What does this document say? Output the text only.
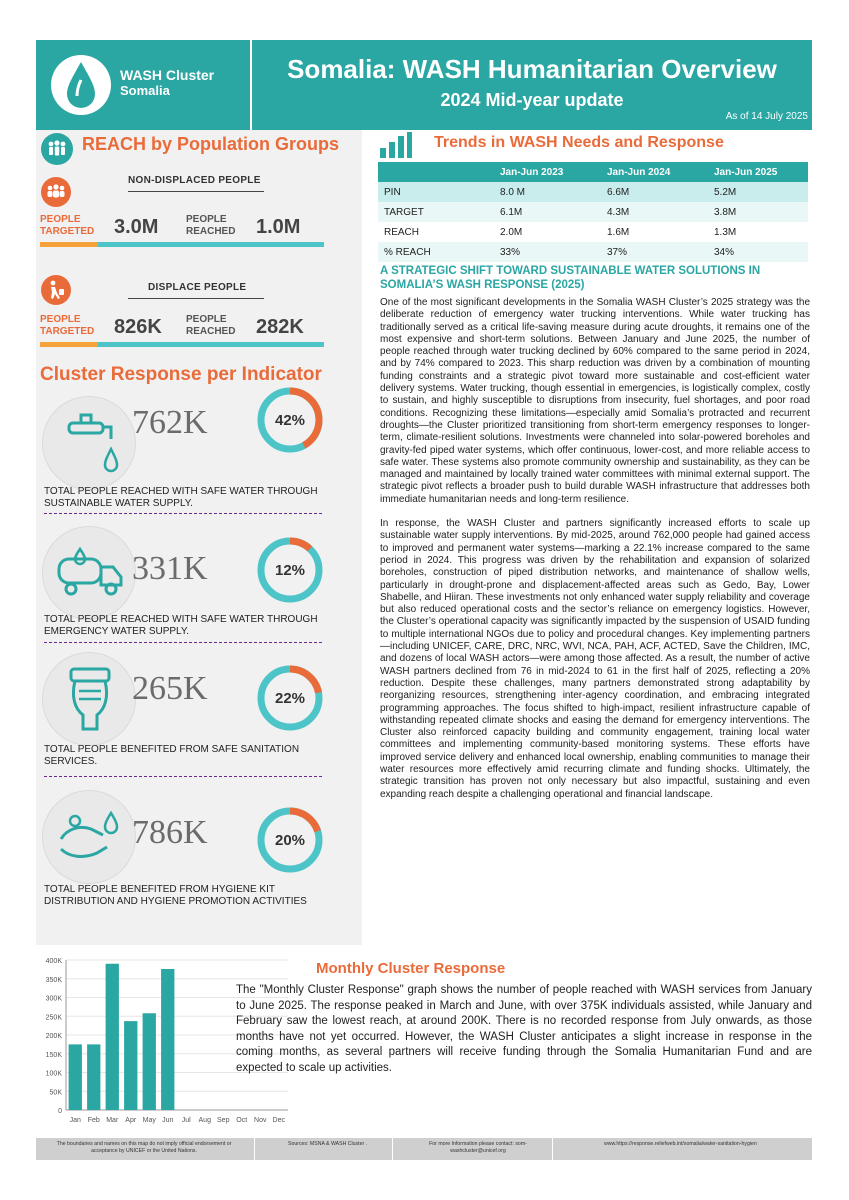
WASH Cluster
Somalia
Somalia: WASH Humanitarian Overview
2024 Mid-year update
As of 14 July 2025
REACH by Population Groups
NON-DISPLACED PEOPLE
PEOPLE TARGETED 3.0M	PEOPLE REACHED	1.0M
DISPLACE PEOPLE
PEOPLE TARGETED 826K PEOPLE REACHED	282K
Cluster Response per Indicator
762K	42%
TOTAL PEOPLE REACHED WITH SAFE WATER THROUGH SUSTAINABLE WATER SUPPLY.
331K	12%
TOTAL PEOPLE REACHED WITH SAFE WATER THROUGH EMERGENCY WATER SUPPLY.
265K	22%
TOTAL PEOPLE BENEFITED FROM SAFE SANITATION SERVICES.
786K	20%
TOTAL PEOPLE BENEFITED FROM HYGIENE KIT DISTRIBUTION AND HYGIENE PROMOTION ACTIVITIES
Trends in WASH Needs and Response
	Jan-Jun 2023	Jan-Jun 2024	Jan-Jun 2025
PIN	8.0 M	6.6M	5.2M
TARGET	6.1M	4.3M	3.8M
REACH	2.0M	1.6M	1.3M
% REACH	33%	37%	34%
A STRATEGIC SHIFT TOWARD SUSTAINABLE WATER SOLUTIONS IN SOMALIA’S WASH RESPONSE (2025)

One of the most significant developments in the Somalia WASH Cluster’s 2025 strategy was the deliberate reduction of emergency water trucking interventions. While water trucking has traditionally served as a critical life-saving measure during acute droughts, it remains one of the most expensive and short-term solutions. Between January and June 2025, the number of people reached through water trucking declined by 60% compared to the same period in 2024, and by 74% compared to 2023. This sharp reduction was driven by a combination of mounting funding constraints and a strategic pivot toward more sustainable and cost-efficient water delivery systems. Water trucking, though essential in emergencies, is logistically complex, costly to sustain, and highly susceptible to disruptions from insecurity, fuel shortages, and poor road conditions. Recognizing these limitations—especially amid Somalia’s protracted and recurrent droughts—the Cluster prioritized transitioning from short-term emergency responses to longer-term, climate-resilient solutions. Investments were channeled into solar-powered boreholes and gravity-fed piped water systems, which offer continuous, lower-cost, and more reliable access to safe water. These systems also promote community ownership and sustainability, as they can be managed and maintained by locally trained water committees with minimal external support. The strategic pivot reflects a broader push to build durable WASH infrastructure that addresses both immediate humanitarian needs and long-term resilience.

In response, the WASH Cluster and partners significantly increased efforts to scale up sustainable water supply interventions. By mid-2025, around 762,000 people had gained access to improved and permanent water systems—marking a 22.1% increase compared to the same period in 2024. This progress was driven by the rehabilitation and expansion of solarized boreholes, construction of piped distribution networks, and maintenance of shallow wells, particularly in drought-prone and displacement-affected areas such as Gedo, Bay, Lower Shabelle, and Hiiran. These investments not only enhanced water supply reliability and coverage but also reduced operational costs and the sector’s reliance on emergency logistics. However, the Cluster’s operational capacity was significantly impacted by the suspension of USAID funding to multiple international NGOs due to policy and procedural changes. Key implementing partners—including UNICEF, CARE, DRC, NRC, WVI, NCA, PAH, ACF, ACTED, Save the Children, IMC, and dozens of local WASH actors—were among those affected. As a result, the number of active WASH partners declined from 76 in mid-2024 to 61 in the first half of 2025, reflecting a 20% reduction. Despite these challenges, many partners demonstrated strong adaptability by reorganizing resources, strengthening inter-agency coordination, and embracing integrated programming approaches. The focus shifted to high-impact, resilient infrastructure capable of withstanding repeated climate shocks and easing the demand for emergency interventions. The Cluster also reinforced capacity building and community engagement, training local water committees and implementing community-based monitoring systems. These efforts have improved service delivery and enhanced local ownership, enabling communities to manage their water resources more effectively amid recurring climate and funding shocks. Ultimately, the strategic transition has proven not only necessary but also impactful, sustaining and even expanding reach despite a challenging operational and financial landscape.

0
50K
100K
150K
200K
250K
300K
350K
400K
Jan Feb Mar Apr May Jun Jul Aug Sep Oct Nov Dec
Monthly Cluster Response
The "Monthly Cluster Response" graph shows the number of people reached with WASH services from January to June 2025. The response peaked in March and June, with over 375K individuals assisted, while January and February saw the lowest reach, at around 200K. There is no recorded response from July onwards, as those months have not yet occurred. However, the WASH Cluster anticipates a slight increase in response in the coming months, as several partners will receive funding through the Somalia Humanitarian Fund and are expected to scale up activities.
The boundaries and names on this map do not imply official endorsement or acceptance by UNICEF or the United Nations.
Sources: MSNA & WASH Cluster .	For more Information please contact: som-washcluster@unicef.org
www.https://response.reliefweb.int/somalia/water-sanitation-hygien
